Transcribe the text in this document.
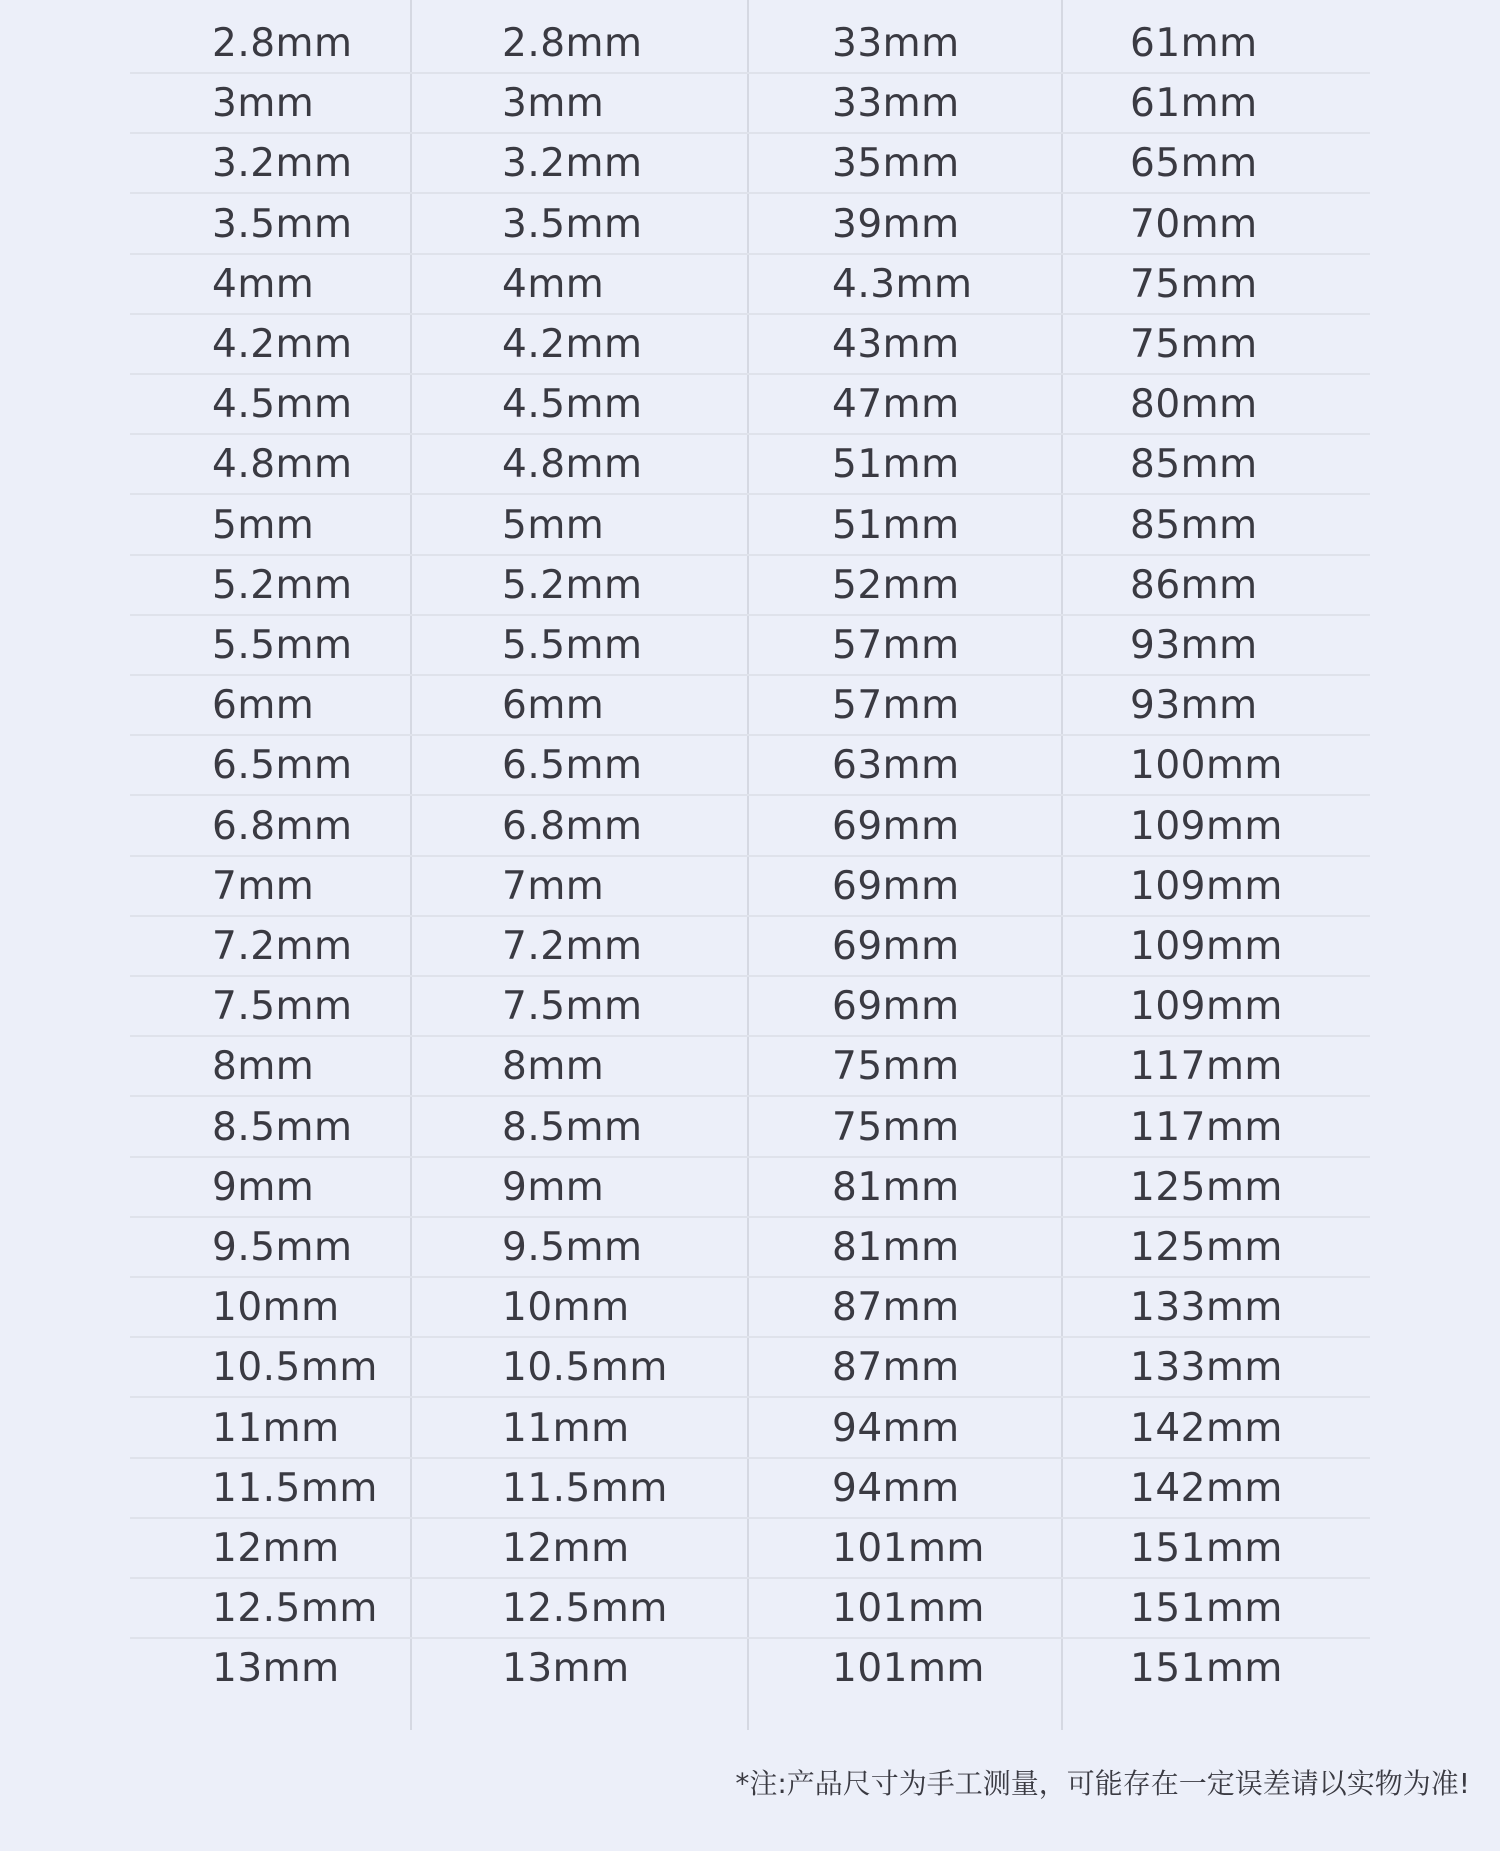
2.8mm	2.8mm	33mm	61mm
3mm	3mm	33mm	61mm
3.2mm	3.2mm	35mm	65mm
3.5mm	3.5mm	39mm	70mm
4mm	4mm	4.3mm	75mm
4.2mm	4.2mm	43mm	75mm
4.5mm	4.5mm	47mm	80mm
4.8mm	4.8mm	51mm	85mm
5mm	5mm	51mm	85mm
5.2mm	5.2mm	52mm	86mm
5.5mm	5.5mm	57mm	93mm
6mm	6mm	57mm	93mm
6.5mm	6.5mm	63mm	100mm
6.8mm	6.8mm	69mm	109mm
7mm	7mm	69mm	109mm
7.2mm	7.2mm	69mm	109mm
7.5mm	7.5mm	69mm	109mm
8mm	8mm	75mm	117mm
8.5mm	8.5mm	75mm	117mm
9mm	9mm	81mm	125mm
9.5mm	9.5mm	81mm	125mm
10mm	10mm	87mm	133mm
10.5mm	10.5mm	87mm	133mm
11mm	11mm	94mm	142mm
11.5mm	11.5mm	94mm	142mm
12mm	12mm	101mm	151mm
12.5mm	12.5mm	101mm	151mm
13mm	13mm	101mm	151mm
*注:产品尺寸为手工测量，可能存在一定误差请以实物为准!
